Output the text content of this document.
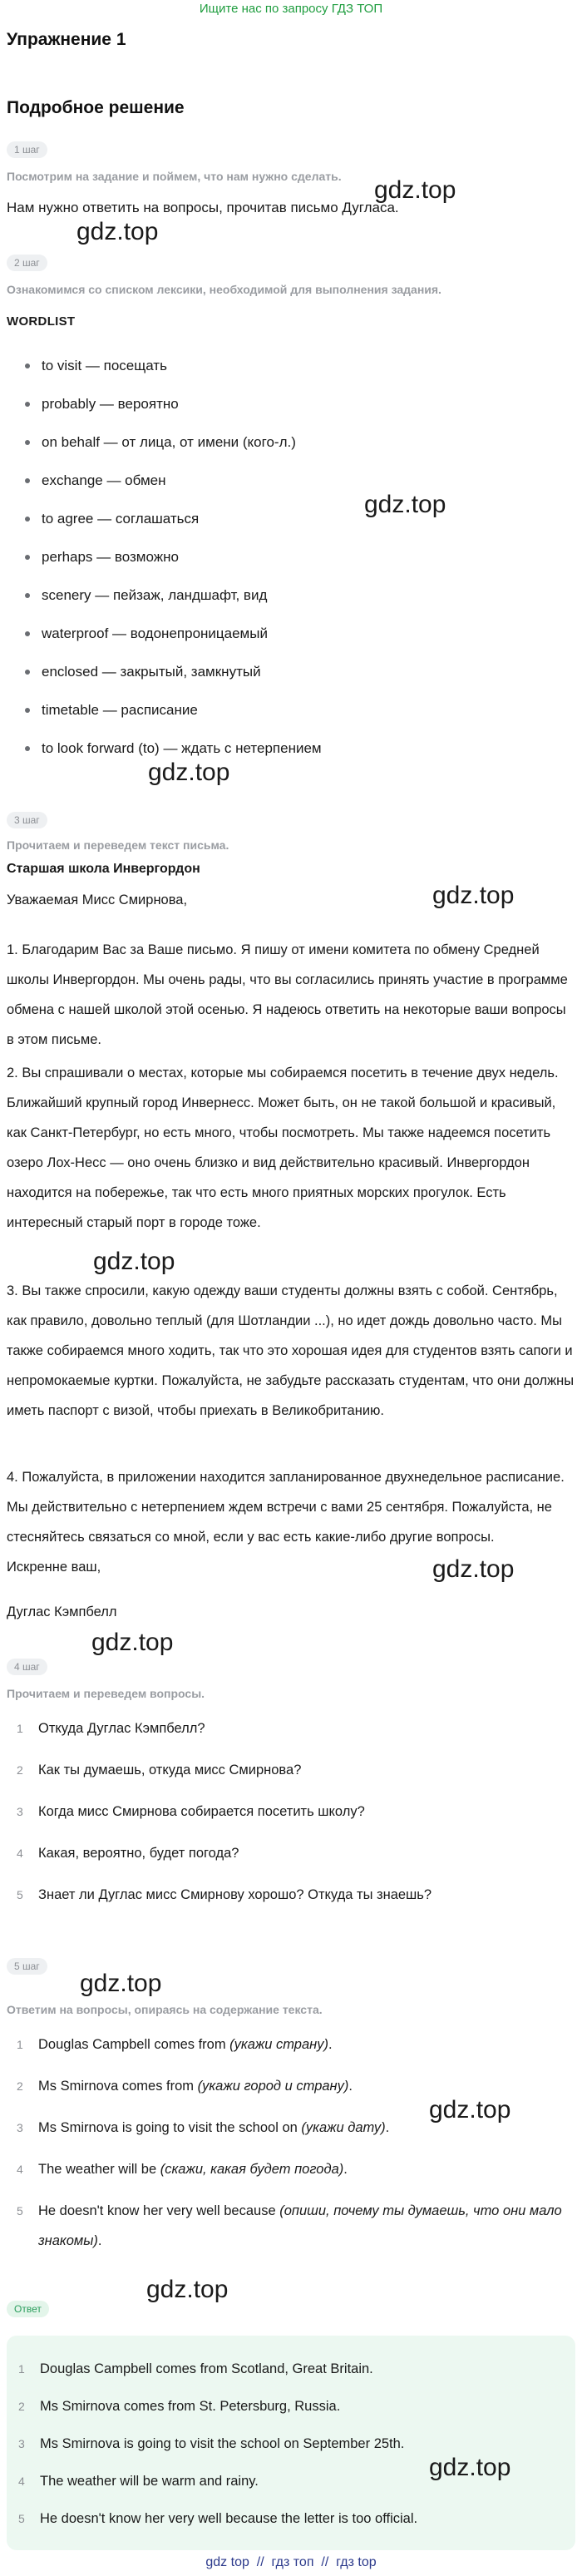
Ищите нас по запросу ГДЗ ТОП
Упражнение 1
Подробное решение
1 шаг
Посмотрим на задание и поймем, что нам нужно сделать.
Нам нужно ответить на вопросы, прочитав письмо Дугласа.
2 шаг
Ознакомимся со списком лексики, необходимой для выполнения задания.
WORDLIST
to visit — посещать
probably — вероятно
on behalf — от лица, от имени (кого-л.)
exchange — обмен
to agree — соглашаться
perhaps — возможно
scenery — пейзаж, ландшафт, вид
waterproof — водонепроницаемый
enclosed — закрытый, замкнутый
timetable — расписание
to look forward (to) — ждать с нетерпением
3 шаг
Прочитаем и переведем текст письма.
Старшая школа Инвергордон
Уважаемая Мисс Смирнова,
1. Благодарим Вас за Ваше письмо. Я пишу от имени комитета по обмену Средней школы Инвергордон. Мы очень рады, что вы согласились принять участие в программе обмена с нашей школой этой осенью. Я надеюсь ответить на некоторые ваши вопросы в этом письме.
2. Вы спрашивали о местах, которые мы собираемся посетить в течение двух недель. Ближайший крупный город Инвернесс. Может быть, он не такой большой и красивый, как Санкт-Петербург, но есть много, чтобы посмотреть. Мы также надеемся посетить озеро Лох-Несс — оно очень близко и вид действительно красивый. Инвергордон находится на побережье, так что есть много приятных морских прогулок. Есть интересный старый порт в городе тоже.
3. Вы также спросили, какую одежду ваши студенты должны взять с собой. Сентябрь, как правило, довольно теплый (для Шотландии ...), но идет дождь довольно часто. Мы также собираемся много ходить, так что это хорошая идея для студентов взять сапоги и непромокаемые куртки. Пожалуйста, не забудьте рассказать студентам, что они должны иметь паспорт с визой, чтобы приехать в Великобританию.
4. Пожалуйста, в приложении находится запланированное двухнедельное расписание. Мы действительно с нетерпением ждем встречи с вами 25 сентября. Пожалуйста, не стесняйтесь связаться со мной, если у вас есть какие-либо другие вопросы.
Искренне ваш,
Дуглас Кэмпбелл
4 шаг
Прочитаем и переведем вопросы.
1	Откуда Дуглас Кэмпбелл?
2	Как ты думаешь, откуда мисс Смирнова?
3	Когда мисс Смирнова собирается посетить школу?
4	Какая, вероятно, будет погода?
5	Знает ли Дуглас мисс Смирнову хорошо? Откуда ты знаешь?
5 шаг
Ответим на вопросы, опираясь на содержание текста.
1	Douglas Campbell comes from (укажи страну).
2	Ms Smirnova comes from (укажи город и страну).
3	Ms Smirnova is going to visit the school on (укажи дату).
4	The weather will be (скажи, какая будет погода).
5	He doesn't know her very well because (опиши, почему ты думаешь, что они мало знакомы).
Ответ
1	Douglas Campbell comes from Scotland, Great Britain.
2	Ms Smirnova comes from St. Petersburg, Russia.
3	Ms Smirnova is going to visit the school on September 25th.
4	The weather will be warm and rainy.
5	He doesn't know her very well because the letter is too official.
gdz.top
gdz.top
gdz.top
gdz.top
gdz.top
gdz.top
gdz.top
gdz.top
gdz.top
gdz.top
gdz.top
gdz.top
gdz top  //  гдз топ  //  гдз top
